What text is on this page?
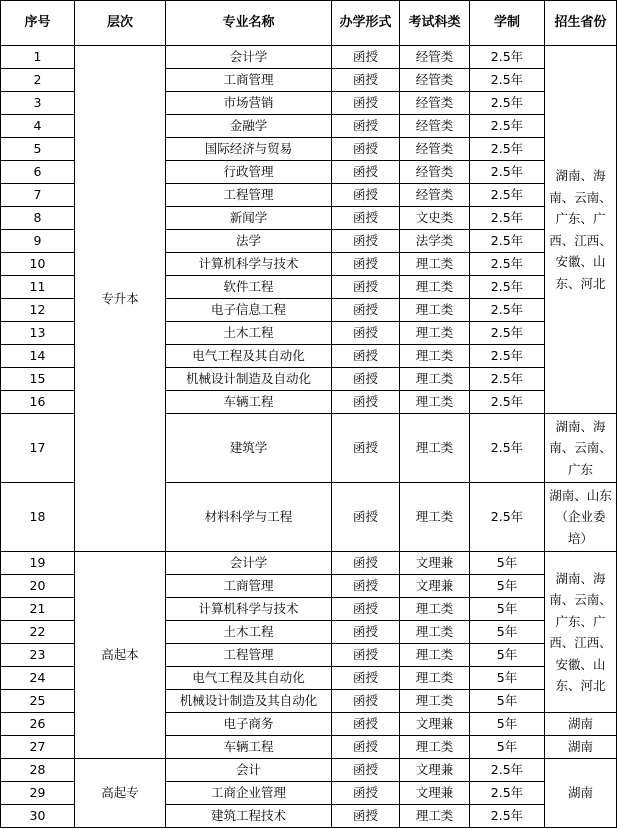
序号	层次	专业名称	办学形式	考试科类	学制	招生省份
1	专升本	会计学	函授	经管类	2.5年	湖南、海南、云南、广东、广西、江西、安徽、山东、河北
2		工商管理	函授	经管类	2.5年	
3		市场营销	函授	经管类	2.5年	
4		金融学	函授	经管类	2.5年	
5		国际经济与贸易	函授	经管类	2.5年	
6		行政管理	函授	经管类	2.5年	
7		工程管理	函授	经管类	2.5年	
8		新闻学	函授	文史类	2.5年	
9		法学	函授	法学类	2.5年	
10		计算机科学与技术	函授	理工类	2.5年	
11		软件工程	函授	理工类	2.5年	
12		电子信息工程	函授	理工类	2.5年	
13		土木工程	函授	理工类	2.5年	
14		电气工程及其自动化	函授	理工类	2.5年	
15		机械设计制造及自动化	函授	理工类	2.5年	
16		车辆工程	函授	理工类	2.5年	
17		建筑学	函授	理工类	2.5年	湖南、海南、云南、广东
18		材料科学与工程	函授	理工类	2.5年	湖南、山东（企业委培）
19	高起本	会计学	函授	文理兼	5年	湖南、海南、云南、广东、广西、江西、安徽、山东、河北
20		工商管理	函授	文理兼	5年	
21		计算机科学与技术	函授	理工类	5年	
22		土木工程	函授	理工类	5年	
23		工程管理	函授	理工类	5年	
24		电气工程及其自动化	函授	理工类	5年	
25		机械设计制造及其自动化	函授	理工类	5年	
26		电子商务	函授	文理兼	5年	湖南
27		车辆工程	函授	理工类	5年	湖南
28	高起专	会计	函授	文理兼	2.5年	湖南
29		工商企业管理	函授	文理兼	2.5年	
30		建筑工程技术	函授	理工类	2.5年	
